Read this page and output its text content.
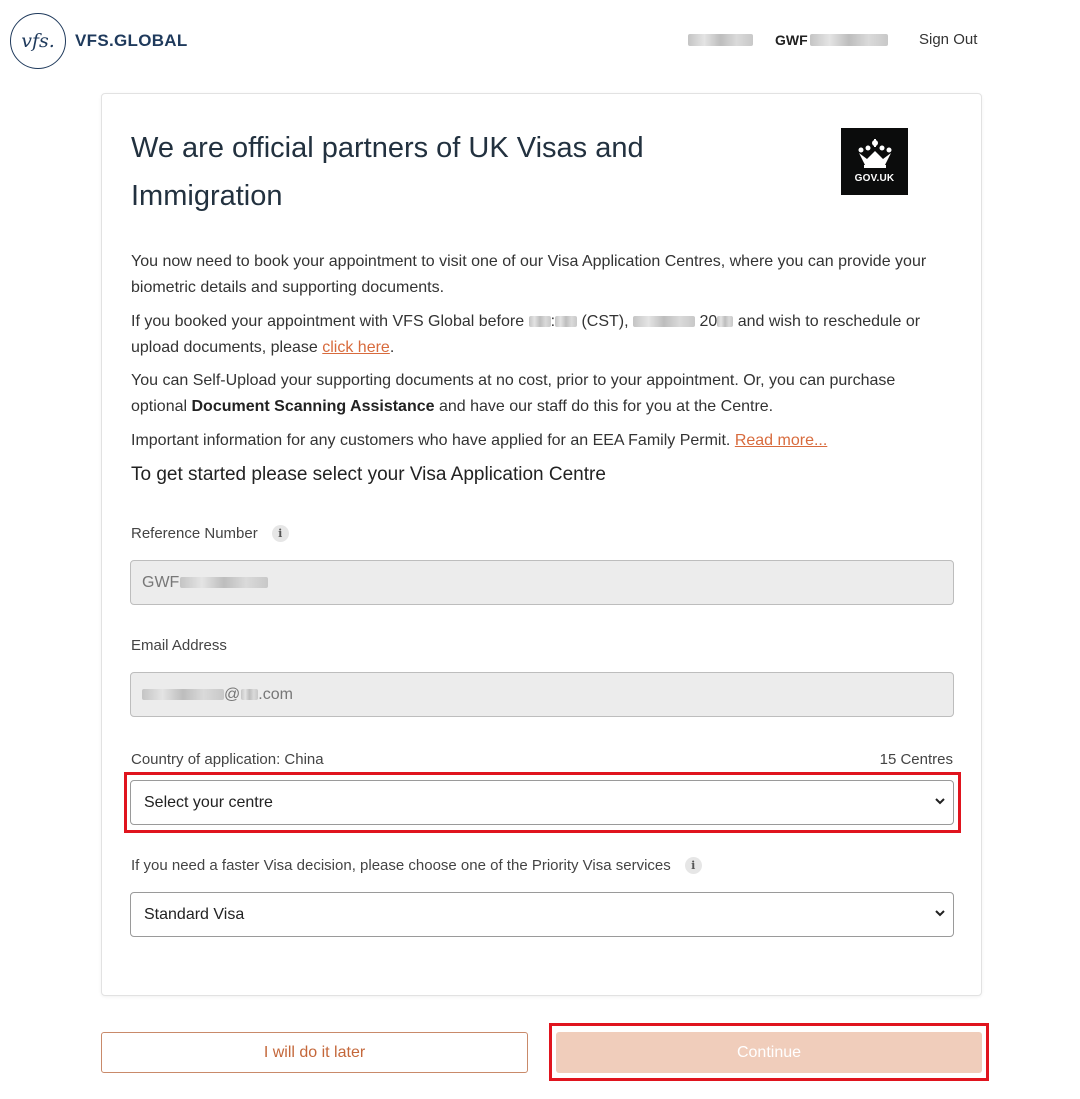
vfs.	VFS.GLOBAL	GWF	Sign Out
We are official partners of UK Visas and Immigration
GOV.UK

You now need to book your appointment to visit one of our Visa Application Centres, where you can provide your biometric details and supporting documents.

If you booked your appointment with VFS Global before : (CST),	20 and wish to reschedule or upload documents, please click here.

You can Self-Upload your supporting documents at no cost, prior to your appointment. Or, you can purchase optional Document Scanning Assistance and have our staff do this for you at the Centre.

Important information for any customers who have applied for an EEA Family Permit. Read more...

To get started please select your Visa Application Centre
Reference Number	i
GWF
Email Address
@ .com
Country of application: China	15 Centres
Select your centre
If you need a faster Visa decision, please choose one of the Priority Visa services	i
Standard Visa
I will do it later	Continue
